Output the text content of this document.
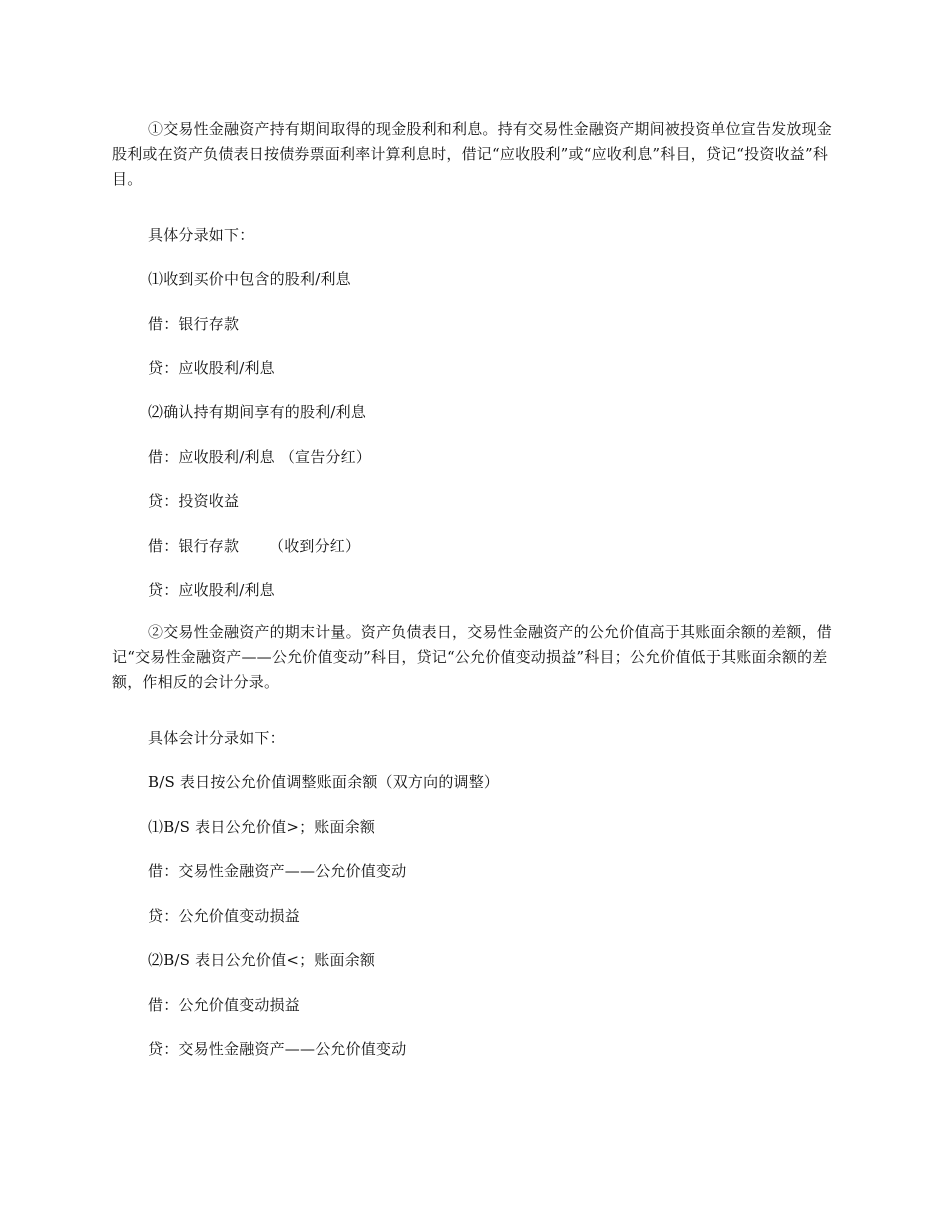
①交易性金融资产持有期间取得的现金股利和利息。持有交易性金融资产期间被投资单位宣告发放现金股利或在资产负债表日按债券票面利率计算利息时，借记“应收股利”或“应收利息”科目，贷记“投资收益”科目。

具体分录如下：

⑴收到买价中包含的股利/利息

借：银行存款

贷：应收股利/利息

⑵确认持有期间享有的股利/利息

借：应收股利/利息 （宣告分红）

贷：投资收益

借：银行存款      （收到分红）

贷：应收股利/利息

②交易性金融资产的期末计量。资产负债表日，交易性金融资产的公允价值高于其账面余额的差额，借记“交易性金融资产——公允价值变动”科目，贷记“公允价值变动损益”科目；公允价值低于其账面余额的差额，作相反的会计分录。

具体会计分录如下：

B/S 表日按公允价值调整账面余额（双方向的调整）

⑴B/S 表日公允价值>；账面余额

借：交易性金融资产——公允价值变动

贷：公允价值变动损益

⑵B/S 表日公允价值<；账面余额

借：公允价值变动损益

贷：交易性金融资产——公允价值变动
